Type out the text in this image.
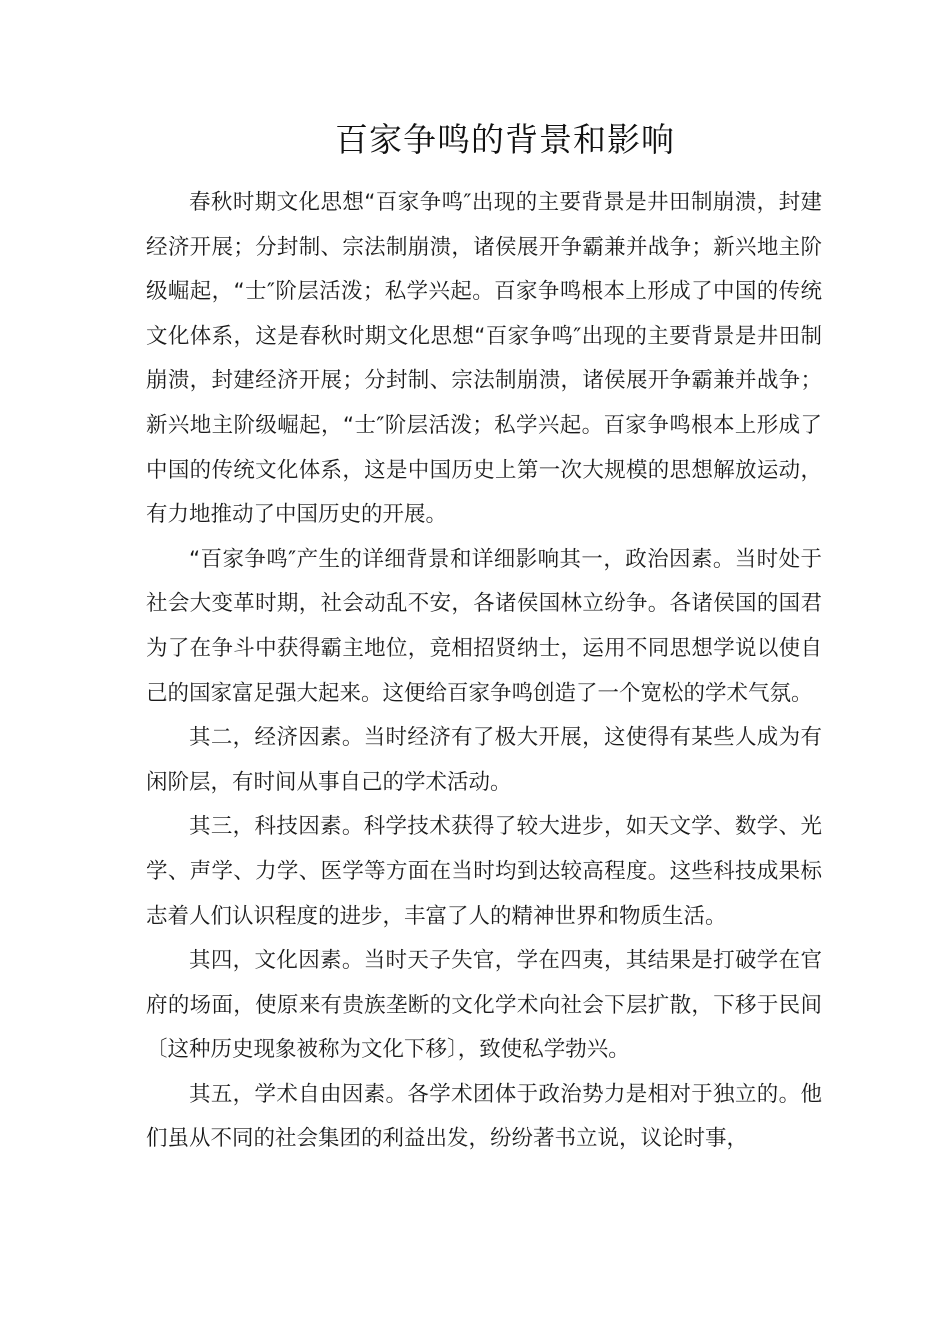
百家争鸣的背景和影响

春秋时期文化思想“百家争鸣″出现的主要背景是井田制崩溃，封建经济开展；分封制、宗法制崩溃，诸侯展开争霸兼并战争；新兴地主阶级崛起，“士″阶层活泼；私学兴起。百家争鸣根本上形成了中国的传统文化体系，这是春秋时期文化思想“百家争鸣″出现的主要背景是井田制崩溃，封建经济开展；分封制、宗法制崩溃，诸侯展开争霸兼并战争；新兴地主阶级崛起，“士″阶层活泼；私学兴起。百家争鸣根本上形成了中国的传统文化体系，这是中国历史上第一次大规模的思想解放运动，有力地推动了中国历史的开展。

“百家争鸣″产生的详细背景和详细影响其一，政治因素。当时处于社会大变革时期，社会动乱不安，各诸侯国林立纷争。各诸侯国的国君为了在争斗中获得霸主地位，竞相招贤纳士，运用不同思想学说以使自己的国家富足强大起来。这便给百家争鸣创造了一个宽松的学术气氛。

其二，经济因素。当时经济有了极大开展，这使得有某些人成为有闲阶层，有时间从事自己的学术活动。

其三，科技因素。科学技术获得了较大进步，如天文学、数学、光学、声学、力学、医学等方面在当时均到达较高程度。这些科技成果标志着人们认识程度的进步，丰富了人的精神世界和物质生活。

其四，文化因素。当时天子失官，学在四夷，其结果是打破学在官府的场面，使原来有贵族垄断的文化学术向社会下层扩散，下移于民间〔这种历史现象被称为文化下移〕，致使私学勃兴。

其五，学术自由因素。各学术团体于政治势力是相对于独立的。他们虽从不同的社会集团的利益出发，纷纷著书立说，议论时事，
